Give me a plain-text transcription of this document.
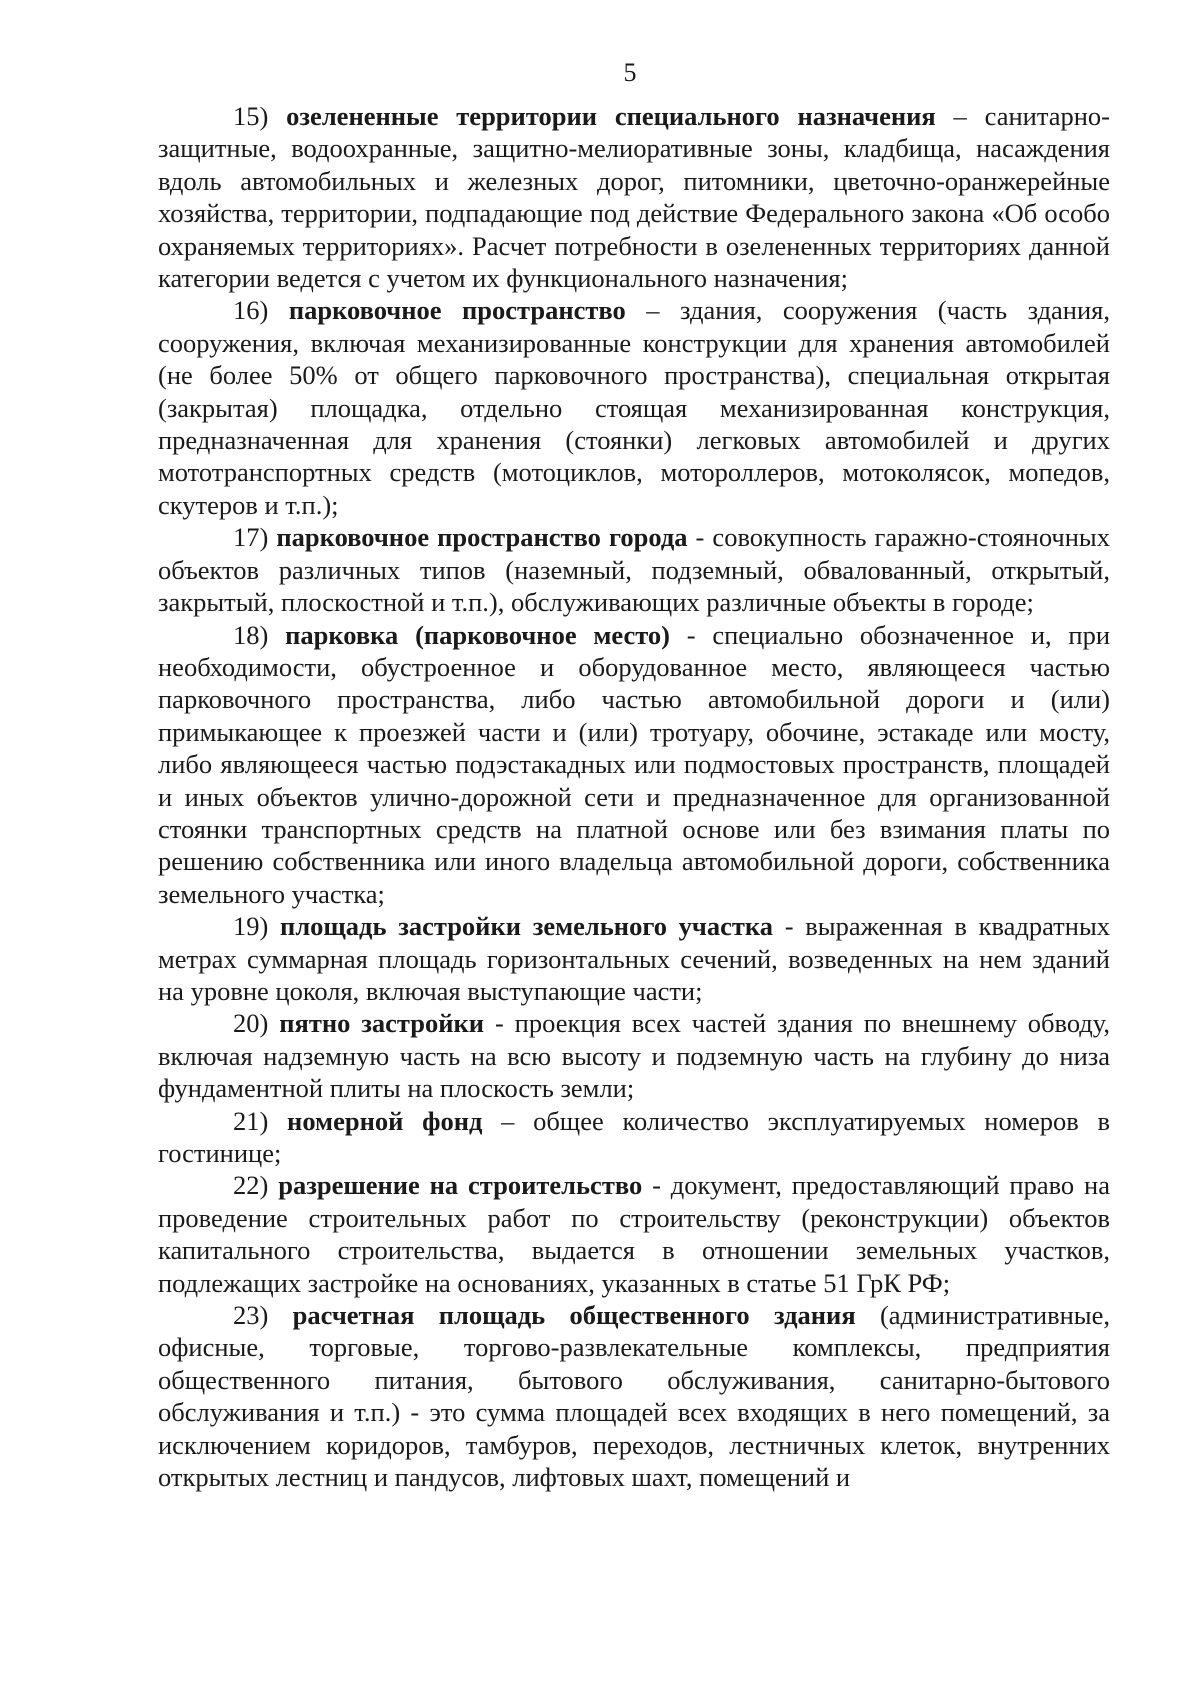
5

15) озелененные территории специального назначения – санитарно-защитные, водоохранные, защитно-мелиоративные зоны, кладбища, насаждения вдоль автомобильных и железных дорог, питомники, цветочно-оранжерейные хозяйства, территории, подпадающие под действие Федерального закона «Об особо охраняемых территориях». Расчет потребности в озелененных территориях данной категории ведется с учетом их функционального назначения;

16) парковочное пространство – здания, сооружения (часть здания, сооружения, включая механизированные конструкции для хранения автомобилей (не более 50% от общего парковочного пространства), специальная открытая (закрытая) площадка, отдельно стоящая механизированная конструкция, предназначенная для хранения (стоянки) легковых автомобилей и других мототранспортных средств (мотоциклов, мотороллеров, мотоколясок, мопедов, скутеров и т.п.);

17) парковочное пространство города - совокупность гаражно-стояночных объектов различных типов (наземный, подземный, обвалованный, открытый, закрытый, плоскостной и т.п.), обслуживающих различные объекты в городе;

18) парковка (парковочное место) - специально обозначенное и, при необходимости, обустроенное и оборудованное место, являющееся частью парковочного пространства, либо частью автомобильной дороги и (или) примыкающее к проезжей части и (или) тротуару, обочине, эстакаде или мосту, либо являющееся частью подэстакадных или подмостовых пространств, площадей и иных объектов улично-дорожной сети и предназначенное для организованной стоянки транспортных средств на платной основе или без взимания платы по решению собственника или иного владельца автомобильной дороги, собственника земельного участка;

19) площадь застройки земельного участка - выраженная в квадратных метрах суммарная площадь горизонтальных сечений, возведенных на нем зданий на уровне цоколя, включая выступающие части;

20) пятно застройки - проекция всех частей здания по внешнему обводу, включая надземную часть на всю высоту и подземную часть на глубину до низа фундаментной плиты на плоскость земли;

21) номерной фонд – общее количество эксплуатируемых номеров в гостинице;

22) разрешение на строительство - документ, предоставляющий право на проведение строительных работ по строительству (реконструкции) объектов капитального строительства, выдается в отношении земельных участков, подлежащих застройке на основаниях, указанных в статье 51 ГрК РФ;

23) расчетная площадь общественного здания (административные, офисные, торговые, торгово-развлекательные комплексы, предприятия общественного питания, бытового обслуживания, санитарно-бытового обслуживания и т.п.) - это сумма площадей всех входящих в него помещений, за исключением коридоров, тамбуров, переходов, лестничных клеток, внутренних открытых лестниц и пандусов, лифтовых шахт, помещений и
